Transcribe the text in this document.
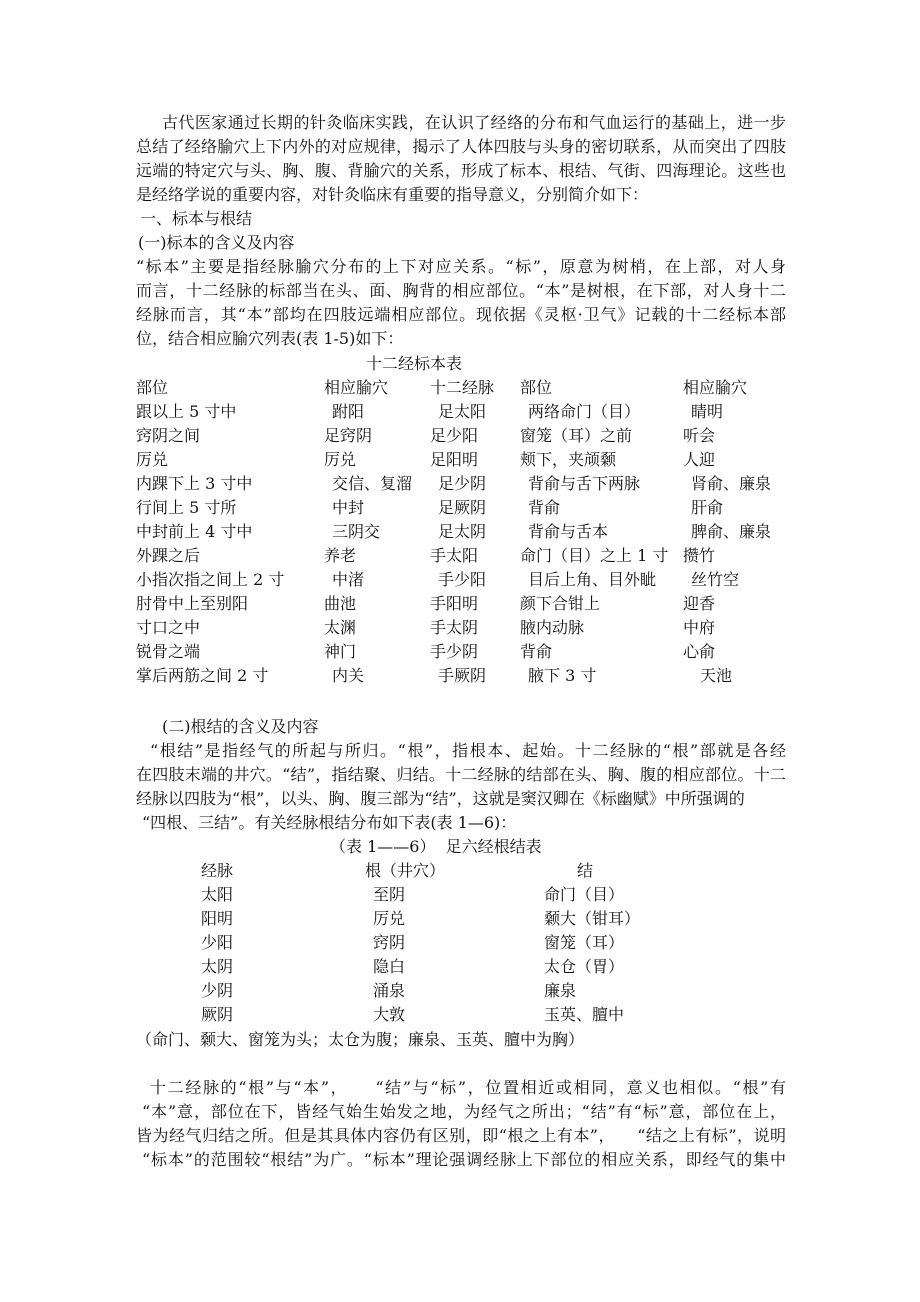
古代医家通过长期的针灸临床实践，在认识了经络的分布和气血运行的基础上，进一步
总结了经络腧穴上下内外的对应规律，揭示了人体四肢与头身的密切联系，从而突出了四肢
远端的特定穴与头、胸、腹、背腧穴的关系，形成了标本、根结、气街、四海理论。这些也
是经络学说的重要内容，对针灸临床有重要的指导意义，分别简介如下：
一、标本与根结
(一)标本的含义及内容
“标本”主要是指经脉腧穴分布的上下对应关系。“标”，原意为树梢，在上部，对人身
而言，十二经脉的标部当在头、面、胸背的相应部位。“本”是树根，在下部，对人身十二
经脉而言，其“本”部均在四肢远端相应部位。现依据《灵枢·卫气》记载的十二经标本部
位，结合相应腧穴列表(表 1-5)如下：
十二经标本表
部位	相应腧穴	十二经脉 部位	相应腧穴
跟以上 5 寸中	跗阳	足太阳	两络命门（目）	睛明
窍阴之间	足窍阴	足少阳	窗笼（耳）之前	听会
厉兑	厉兑	足阳明	颊下，夹颃颡	人迎
内踝下上 3 寸中	交信、复溜 足少阴	背俞与舌下两脉	肾俞、廉泉
行间上 5 寸所	中封	足厥阴	背俞	肝俞
中封前上 4 寸中	三阴交	足太阴	背俞与舌本	脾俞、廉泉
外踝之后	养老	手太阳	命门（目）之上 1 寸 攒竹
小指次指之间上 2 寸	中渚	手少阳	目后上角、目外眦 丝竹空
肘骨中上至别阳	曲池	手阳明	颜下合钳上	迎香
寸口之中	太渊	手太阴	腋内动脉	中府
锐骨之端	神门	手少阴	背俞	心俞
掌后两筋之间 2 寸	内关	手厥阴	腋下 3 寸	天池
(二)根结的含义及内容
“根结”是指经气的所起与所归。“根”，指根本、起始。十二经脉的“根”部就是各经
在四肢末端的井穴。“结”，指结聚、归结。十二经脉的结部在头、胸、腹的相应部位。十二
经脉以四肢为“根”，以头、胸、腹三部为“结”，这就是窦汉卿在《标幽赋》中所强调的
“四根、三结”。有关经脉根结分布如下表(表 1—6)：
（表 1——6）  足六经根结表
经脉	根（井穴）	结
太阳	至阴	命门（目）
阳明	厉兑	颡大（钳耳）
少阳	窍阴	窗笼（耳）
太阴	隐白	太仓（胃）
少阴	涌泉	廉泉
厥阴	大敦	玉英、膻中
（命门、颡大、窗笼为头；太仓为腹；廉泉、玉英、膻中为胸）
十二经脉的“根”与“本”，    “结”与“标”，位置相近或相同，意义也相似。“根”有
“本”意，部位在下，皆经气始生始发之地，为经气之所出；“结”有“标”意，部位在上，
皆为经气归结之所。但是其具体内容仍有区别，即“根之上有本”，    “结之上有标”，说明
“标本”的范围较“根结”为广。“标本”理论强调经脉上下部位的相应关系，即经气的集中
